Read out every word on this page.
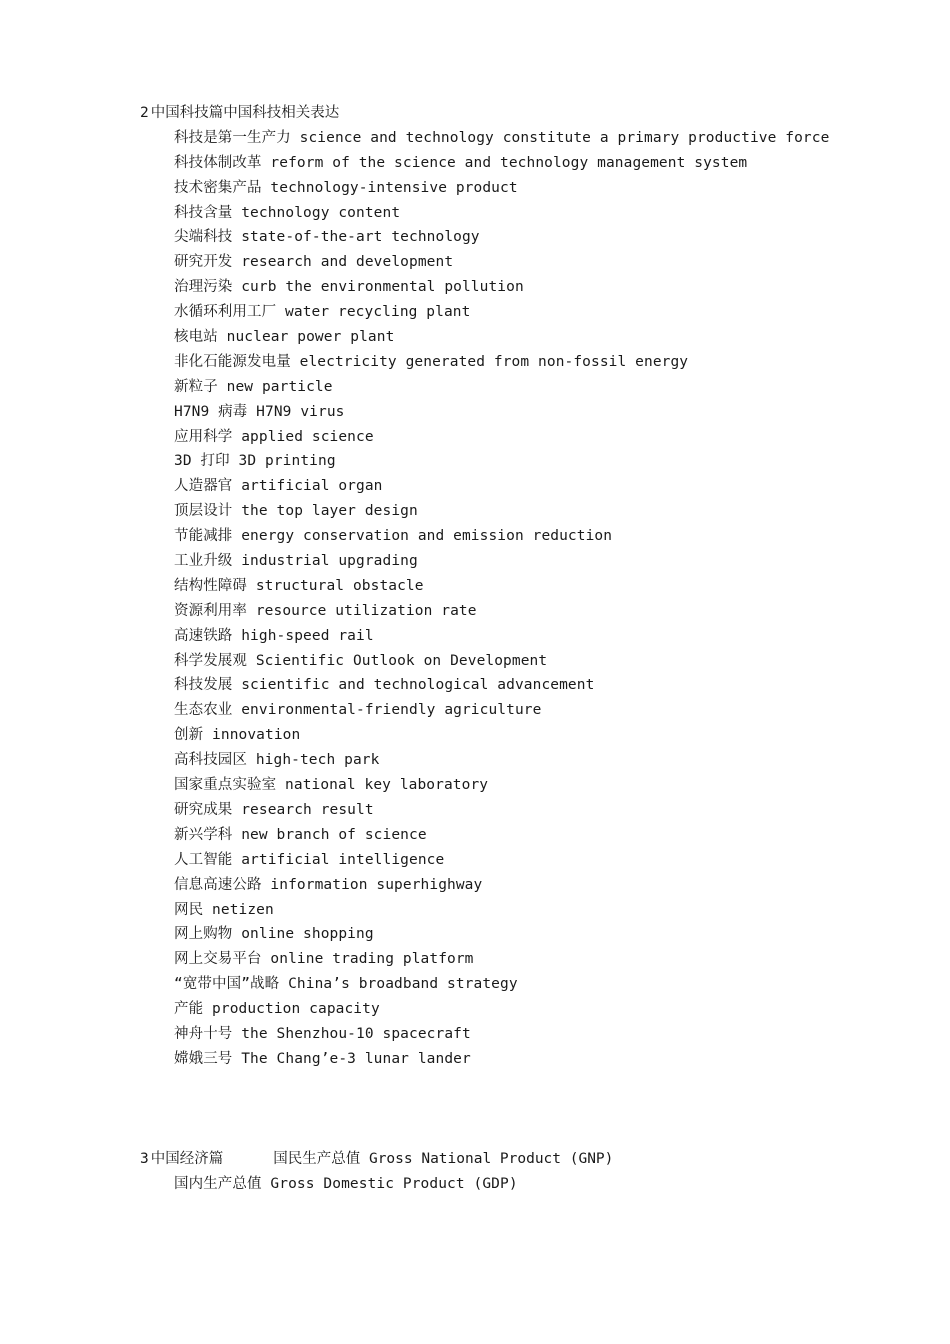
2 中国科技篇中国科技相关表达
科技是第一生产力 science and technology constitute a primary productive force
科技体制改革 reform of the science and technology management system
技术密集产品 technology-intensive product
科技含量 technology content
尖端科技 state-of-the-art technology
研究开发 research and development
治理污染 curb the environmental pollution
水循环利用工厂 water recycling plant
核电站 nuclear power plant
非化石能源发电量 electricity generated from non-fossil energy
新粒子 new particle
H7N9 病毒 H7N9 virus
应用科学 applied science
3D 打印 3D printing
人造器官 artificial organ
顶层设计 the top layer design
节能减排 energy conservation and emission reduction
工业升级 industrial upgrading
结构性障碍 structural obstacle
资源利用率 resource utilization rate
高速铁路 high-speed rail
科学发展观 Scientific Outlook on Development
科技发展 scientific and technological advancement
生态农业 environmental-friendly agriculture
创新 innovation
高科技园区 high-tech park
国家重点实验室 national key laboratory
研究成果 research result
新兴学科 new branch of science
人工智能 artificial intelligence
信息高速公路 information superhighway
网民 netizen
网上购物 online shopping
网上交易平台 online trading platform
“宽带中国”战略 China’s broadband strategy
产能 production capacity
神舟十号 the Shenzhou-10 spacecraft
嫦娥三号 The Chang’e-3 lunar lander
3 中国经济篇	国民生产总值 Gross National Product (GNP)
国内生产总值 Gross Domestic Product (GDP)
